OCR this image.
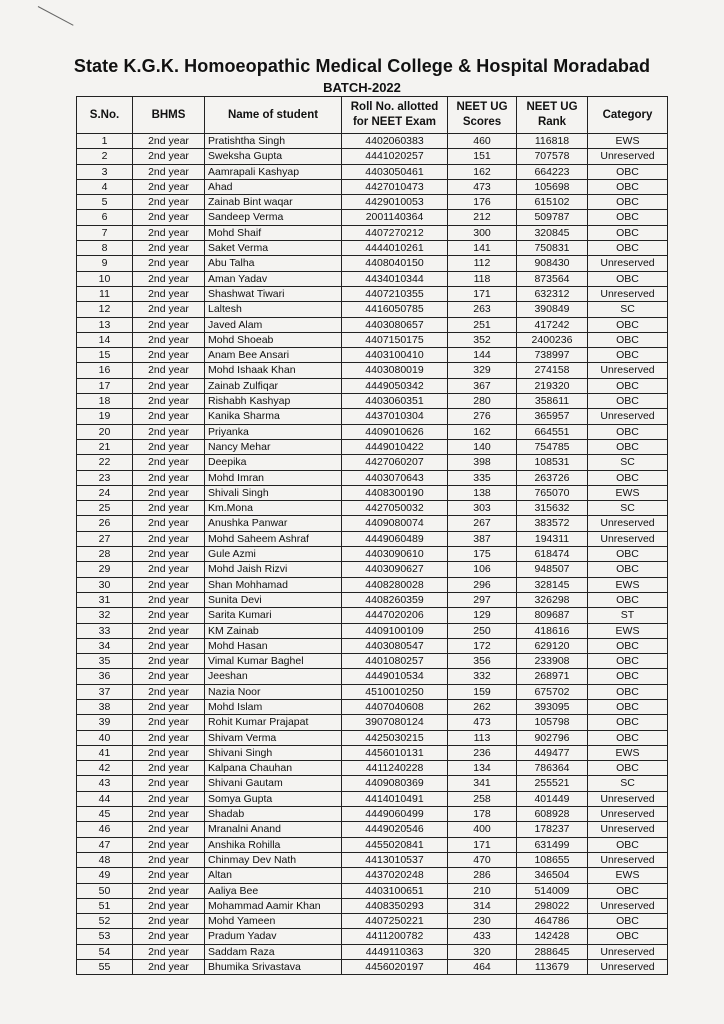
State K.G.K. Homoeopathic Medical College & Hospital Moradabad
BATCH-2022
S.No.	BHMS	Name of student	Roll No. allotted for NEET Exam	NEET UG Scores	NEET UG Rank	Category
1	2nd year	Pratishtha Singh	4402060383	460	116818	EWS
2	2nd year	Sweksha Gupta	4441020257	151	707578	Unreserved
3	2nd year	Aamrapali Kashyap	4403050461	162	664223	OBC
4	2nd year	Ahad	4427010473	473	105698	OBC
5	2nd year	Zainab Bint waqar	4429010053	176	615102	OBC
6	2nd year	Sandeep Verma	2001140364	212	509787	OBC
7	2nd year	Mohd Shaif	4407270212	300	320845	OBC
8	2nd year	Saket Verma	4444010261	141	750831	OBC
9	2nd year	Abu Talha	4408040150	112	908430	Unreserved
10	2nd year	Aman Yadav	4434010344	118	873564	OBC
11	2nd year	Shashwat Tiwari	4407210355	171	632312	Unreserved
12	2nd year	Laltesh	4416050785	263	390849	SC
13	2nd year	Javed Alam	4403080657	251	417242	OBC
14	2nd year	Mohd Shoeab	4407150175	352	2400236	OBC
15	2nd year	Anam Bee Ansari	4403100410	144	738997	OBC
16	2nd year	Mohd Ishaak Khan	4403080019	329	274158	Unreserved
17	2nd year	Zainab Zulfiqar	4449050342	367	219320	OBC
18	2nd year	Rishabh Kashyap	4403060351	280	358611	OBC
19	2nd year	Kanika Sharma	4437010304	276	365957	Unreserved
20	2nd year	Priyanka	4409010626	162	664551	OBC
21	2nd year	Nancy Mehar	4449010422	140	754785	OBC
22	2nd year	Deepika	4427060207	398	108531	SC
23	2nd year	Mohd Imran	4403070643	335	263726	OBC
24	2nd year	Shivali Singh	4408300190	138	765070	EWS
25	2nd year	Km.Mona	4427050032	303	315632	SC
26	2nd year	Anushka Panwar	4409080074	267	383572	Unreserved
27	2nd year	Mohd Saheem Ashraf	4449060489	387	194311	Unreserved
28	2nd year	Gule Azmi	4403090610	175	618474	OBC
29	2nd year	Mohd Jaish Rizvi	4403090627	106	948507	OBC
30	2nd year	Shan Mohhamad	4408280028	296	328145	EWS
31	2nd year	Sunita Devi	4408260359	297	326298	OBC
32	2nd year	Sarita Kumari	4447020206	129	809687	ST
33	2nd year	KM Zainab	4409100109	250	418616	EWS
34	2nd year	Mohd Hasan	4403080547	172	629120	OBC
35	2nd year	Vimal Kumar Baghel	4401080257	356	233908	OBC
36	2nd year	Jeeshan	4449010534	332	268971	OBC
37	2nd year	Nazia Noor	4510010250	159	675702	OBC
38	2nd year	Mohd Islam	4407040608	262	393095	OBC
39	2nd year	Rohit Kumar Prajapat	3907080124	473	105798	OBC
40	2nd year	Shivam Verma	4425030215	113	902796	OBC
41	2nd year	Shivani Singh	4456010131	236	449477	EWS
42	2nd year	Kalpana Chauhan	4411240228	134	786364	OBC
43	2nd year	Shivani Gautam	4409080369	341	255521	SC
44	2nd year	Somya Gupta	4414010491	258	401449	Unreserved
45	2nd year	Shadab	4449060499	178	608928	Unreserved
46	2nd year	Mranalni Anand	4449020546	400	178237	Unreserved
47	2nd year	Anshika Rohilla	4455020841	171	631499	OBC
48	2nd year	Chinmay Dev Nath	4413010537	470	108655	Unreserved
49	2nd year	Altan	4437020248	286	346504	EWS
50	2nd year	Aaliya Bee	4403100651	210	514009	OBC
51	2nd year	Mohammad Aamir Khan	4408350293	314	298022	Unreserved
52	2nd year	Mohd Yameen	4407250221	230	464786	OBC
53	2nd year	Pradum Yadav	4411200782	433	142428	OBC
54	2nd year	Saddam Raza	4449110363	320	288645	Unreserved
55	2nd year	Bhumika Srivastava	4456020197	464	113679	Unreserved
